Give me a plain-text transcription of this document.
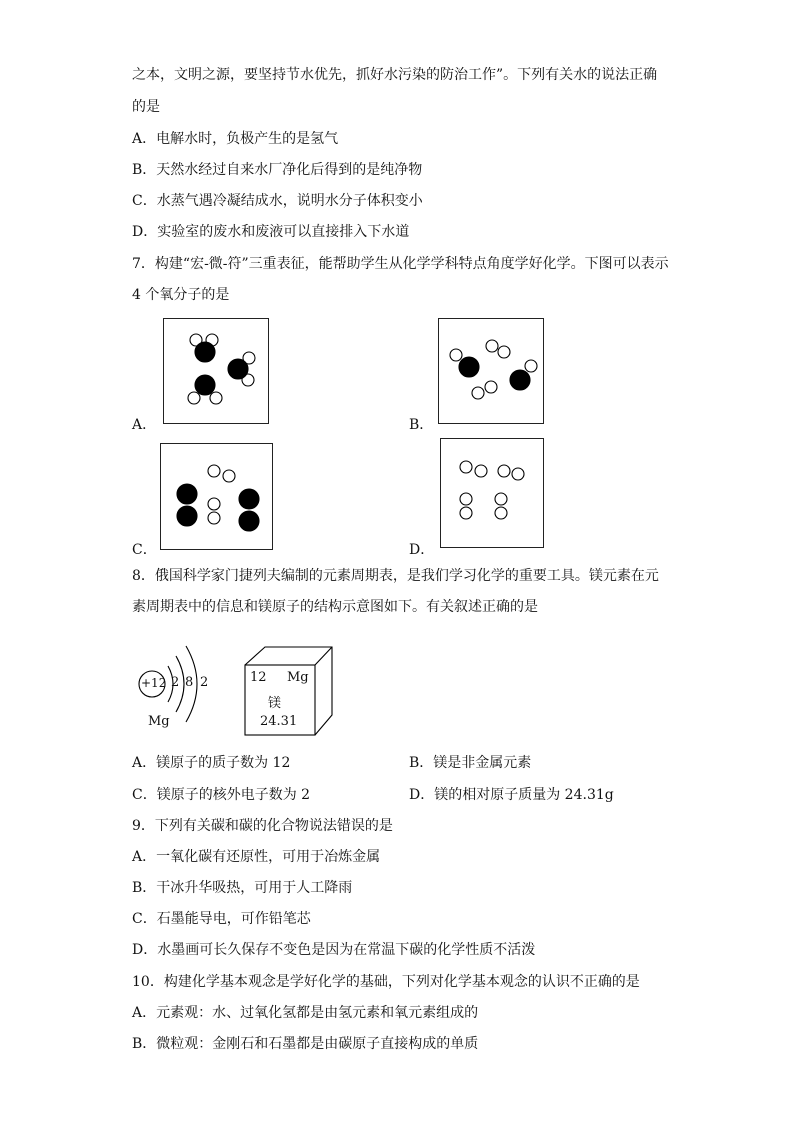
之本，文明之源，要坚持节水优先，抓好水污染的防治工作”。下列有关水的说法正确
的是
A．电解水时，负极产生的是氢气
B．天然水经过自来水厂净化后得到的是纯净物
C．水蒸气遇冷凝结成水，说明水分子体积变小
D．实验室的废水和废液可以直接排入下水道
7．构建“宏-微-符”三重表征，能帮助学生从化学学科特点角度学好化学。下图可以表示
4 个氧分子的是
A．	B．
C．	D．
8．俄国科学家门捷列夫编制的元素周期表，是我们学习化学的重要工具。镁元素在元
素周期表中的信息和镁原子的结构示意图如下。有关叙述正确的是
+12 2 8 2
Mg
12 Mg
镁
24.31
A．镁原子的质子数为 12	B．镁是非金属元素
C．镁原子的核外电子数为 2	D．镁的相对原子质量为 24.31g
9．下列有关碳和碳的化合物说法错误的是
A．一氧化碳有还原性，可用于冶炼金属
B．干冰升华吸热，可用于人工降雨
C．石墨能导电，可作铅笔芯
D．水墨画可长久保存不变色是因为在常温下碳的化学性质不活泼
10．构建化学基本观念是学好化学的基础，下列对化学基本观念的认识不正确的是
A．元素观：水、过氧化氢都是由氢元素和氧元素组成的
B．微粒观：金刚石和石墨都是由碳原子直接构成的单质
